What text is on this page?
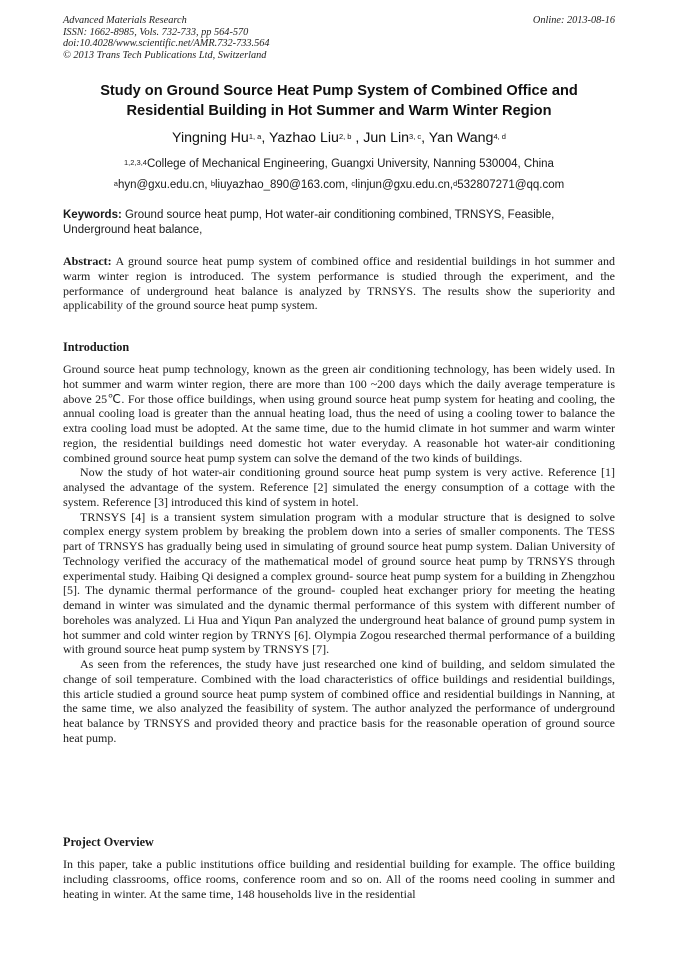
Advanced Materials Research
ISSN: 1662-8985, Vols. 732-733, pp 564-570
doi:10.4028/www.scientific.net/AMR.732-733.564
© 2013 Trans Tech Publications Ltd, Switzerland
Online: 2013-08-16
Study on Ground Source Heat Pump System of Combined Office and
Residential Building in Hot Summer and Warm Winter Region
Yingning Hu$^{1, a}$, Yazhao Liu$^{2, b}$ , Jun Lin$^{3, c}$, Yan Wang$^{4, d}$
$^{1,2,3,4}$College of Mechanical Engineering, Guangxi University, Nanning 530004, China
$^a$hyn@gxu.edu.cn, $^b$liuyazhao_890@163.com, $^c$linjun@gxu.edu.cn,$^d$532807271@qq.com
Keywords: Ground source heat pump, Hot water-air conditioning combined, TRNSYS, Feasible, Underground heat balance,
Abstract: A ground source heat pump system of combined office and residential buildings in hot summer and warm winter region is introduced. The system performance is studied through the experiment, and the performance of underground heat balance is analyzed by TRNSYS. The results show the superiority and applicability of the ground source heat pump system.
Introduction

Ground source heat pump technology, known as the green air conditioning technology, has been widely used. In hot summer and warm winter region, there are more than 100 ~200 days which the daily average temperature is above 25℃. For those office buildings, when using ground source heat pump system for heating and cooling, the annual cooling load is greater than the annual heating load, thus the need of using a cooling tower to balance the extra cooling load must be adopted. At the same time, due to the humid climate in hot summer and warm winter region, the residential buildings need domestic hot water everyday. A reasonable hot water-air conditioning combined ground source heat pump system can solve the demand of the two kinds of buildings.

Now the study of hot water-air conditioning ground source heat pump system is very active. Reference [1] analysed the advantage of the system. Reference [2] simulated the energy consumption of a cottage with the system. Reference [3] introduced this kind of system in hotel.

TRNSYS [4] is a transient system simulation program with a modular structure that is designed to solve complex energy system problem by breaking the problem down into a series of smaller components. The TESS part of TRNSYS has gradually being used in simulating of ground source heat pump system. Dalian University of Technology verified the accuracy of the mathematical model of ground source heat pump by TRNSYS through experimental study. Haibing Qi designed a complex ground- source heat pump system for a building in Zhengzhou [5]. The dynamic thermal performance of the ground- coupled heat exchanger priory for meeting the heating demand in winter was simulated and the dynamic thermal performance of this system with different number of boreholes was analyzed. Li Hua and Yiqun Pan analyzed the underground heat balance of ground pump system in hot summer and cold winter region by TRNYS [6]. Olympia Zogou researched thermal performance of a building with ground source heat pump system by TRNSYS [7].

As seen from the references, the study have just researched one kind of building, and seldom simulated the change of soil temperature. Combined with the load characteristics of office buildings and residential buildings, this article studied a ground source heat pump system of combined office and residential buildings in Nanning, at the same time, we also analyzed the feasibility of system. The author analyzed the performance of underground heat balance by TRNSYS and provided theory and practice basis for the reasonable operation of ground source heat pump.

Project Overview

In this paper, take a public institutions office building and residential building for example. The office building including classrooms, office rooms, conference room and so on. All of the rooms need cooling in summer and heating in winter. At the same time, 148 households live in the residential
